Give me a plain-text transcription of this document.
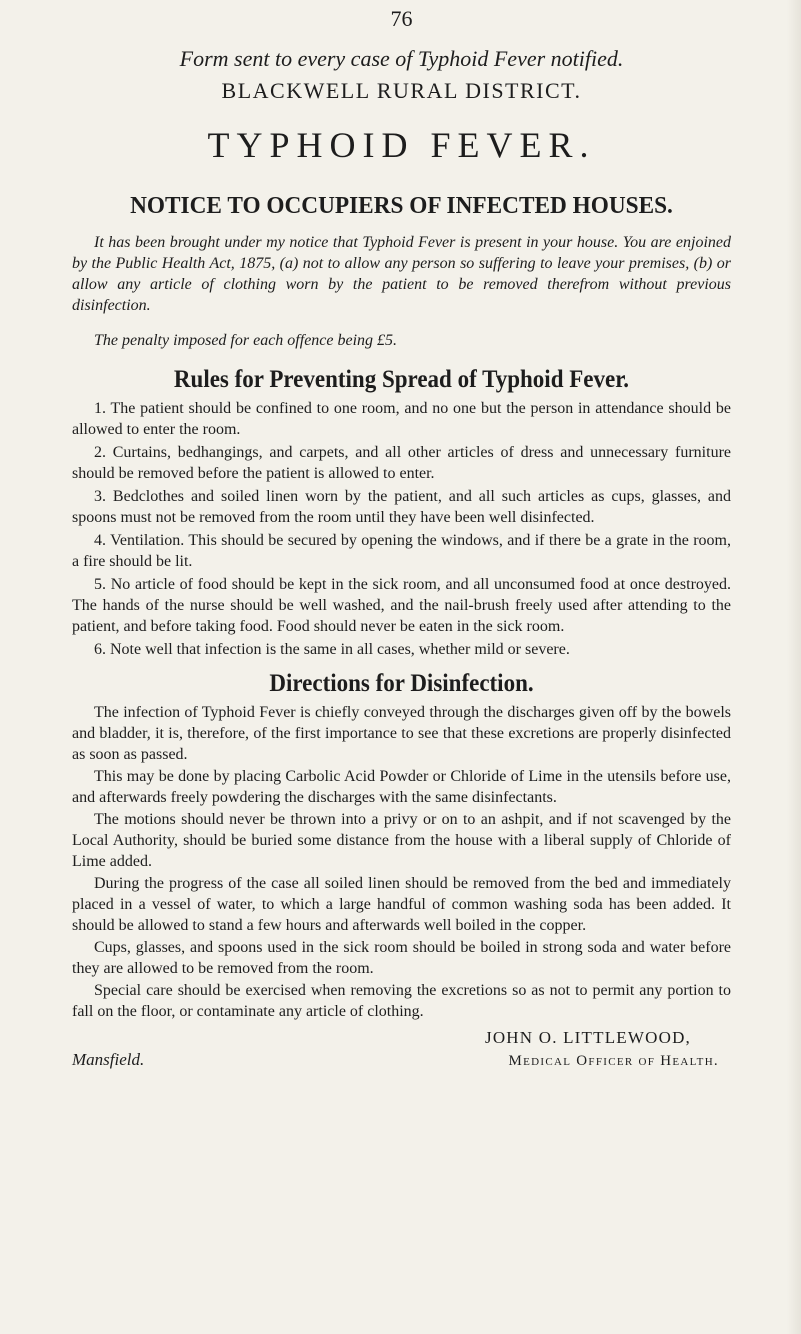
76
Form sent to every case of Typhoid Fever notified.
BLACKWELL RURAL DISTRICT.
TYPHOID FEVER.
NOTICE TO OCCUPIERS OF INFECTED HOUSES.

It has been brought under my notice that Typhoid Fever is present in your house. You are enjoined by the Public Health Act, 1875, (a) not to allow any person so suffering to leave your premises, (b) or allow any article of clothing worn by the patient to be removed therefrom without previous disinfection.

The penalty imposed for each offence being £5.

Rules for Preventing Spread of Typhoid Fever.
1. The patient should be confined to one room, and no one but the person in attendance should be allowed to enter the room.
2. Curtains, bedhangings, and carpets, and all other articles of dress and unnecessary furniture should be removed before the patient is allowed to enter.
3. Bedclothes and soiled linen worn by the patient, and all such articles as cups, glasses, and spoons must not be removed from the room until they have been well disinfected.
4. Ventilation. This should be secured by opening the windows, and if there be a grate in the room, a fire should be lit.
5. No article of food should be kept in the sick room, and all unconsumed food at once destroyed. The hands of the nurse should be well washed, and the nail-brush freely used after attending to the patient, and before taking food. Food should never be eaten in the sick room.
6. Note well that infection is the same in all cases, whether mild or severe.
Directions for Disinfection.

The infection of Typhoid Fever is chiefly conveyed through the discharges given off by the bowels and bladder, it is, therefore, of the first importance to see that these excretions are properly disinfected as soon as passed.

This may be done by placing Carbolic Acid Powder or Chloride of Lime in the utensils before use, and afterwards freely powdering the discharges with the same disinfectants.

The motions should never be thrown into a privy or on to an ashpit, and if not scavenged by the Local Authority, should be buried some distance from the house with a liberal supply of Chloride of Lime added.

During the progress of the case all soiled linen should be removed from the bed and immediately placed in a vessel of water, to which a large handful of common washing soda has been added. It should be allowed to stand a few hours and afterwards well boiled in the copper.

Cups, glasses, and spoons used in the sick room should be boiled in strong soda and water before they are allowed to be removed from the room.

Special care should be exercised when removing the excretions so as not to permit any portion to fall on the floor, or contaminate any article of clothing.

JOHN O. LITTLEWOOD,
Mansfield.	Medical Officer of Health.
